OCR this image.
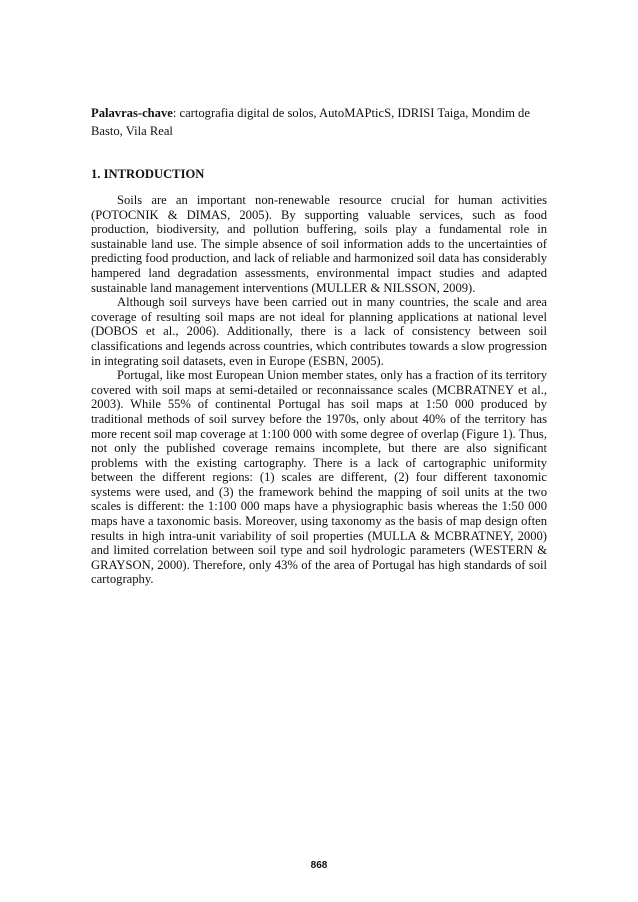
Palavras-chave: cartografia digital de solos, AutoMAPticS, IDRISI Taiga, Mondim de Basto, Vila Real
1. INTRODUCTION

Soils are an important non-renewable resource crucial for human activities (POTOCNIK & DIMAS, 2005). By supporting valuable services, such as food production, biodiversity, and pollution buffering, soils play a fundamental role in sustainable land use. The simple absence of soil information adds to the uncertainties of predicting food production, and lack of reliable and harmonized soil data has considerably hampered land degradation assessments, environmental impact studies and adapted sustainable land management interventions (MULLER & NILSSON, 2009).

Although soil surveys have been carried out in many countries, the scale and area coverage of resulting soil maps are not ideal for planning applications at national level (DOBOS et al., 2006). Additionally, there is a lack of consistency between soil classifications and legends across countries, which contributes towards a slow progression in integrating soil datasets, even in Europe (ESBN, 2005).

Portugal, like most European Union member states, only has a fraction of its territory covered with soil maps at semi-detailed or reconnaissance scales (MCBRATNEY et al., 2003). While 55% of continental Portugal has soil maps at 1:50 000 produced by traditional methods of soil survey before the 1970s, only about 40% of the territory has more recent soil map coverage at 1:100 000 with some degree of overlap (Figure 1). Thus, not only the published coverage remains incomplete, but there are also significant problems with the existing cartography. There is a lack of cartographic uniformity between the different regions: (1) scales are different, (2) four different taxonomic systems were used, and (3) the framework behind the mapping of soil units at the two scales is different: the 1:100 000 maps have a physiographic basis whereas the 1:50 000 maps have a taxonomic basis. Moreover, using taxonomy as the basis of map design often results in high intra-unit variability of soil properties (MULLA & MCBRATNEY, 2000) and limited correlation between soil type and soil hydrologic parameters (WESTERN & GRAYSON, 2000). Therefore, only 43% of the area of Portugal has high standards of soil cartography.

868
